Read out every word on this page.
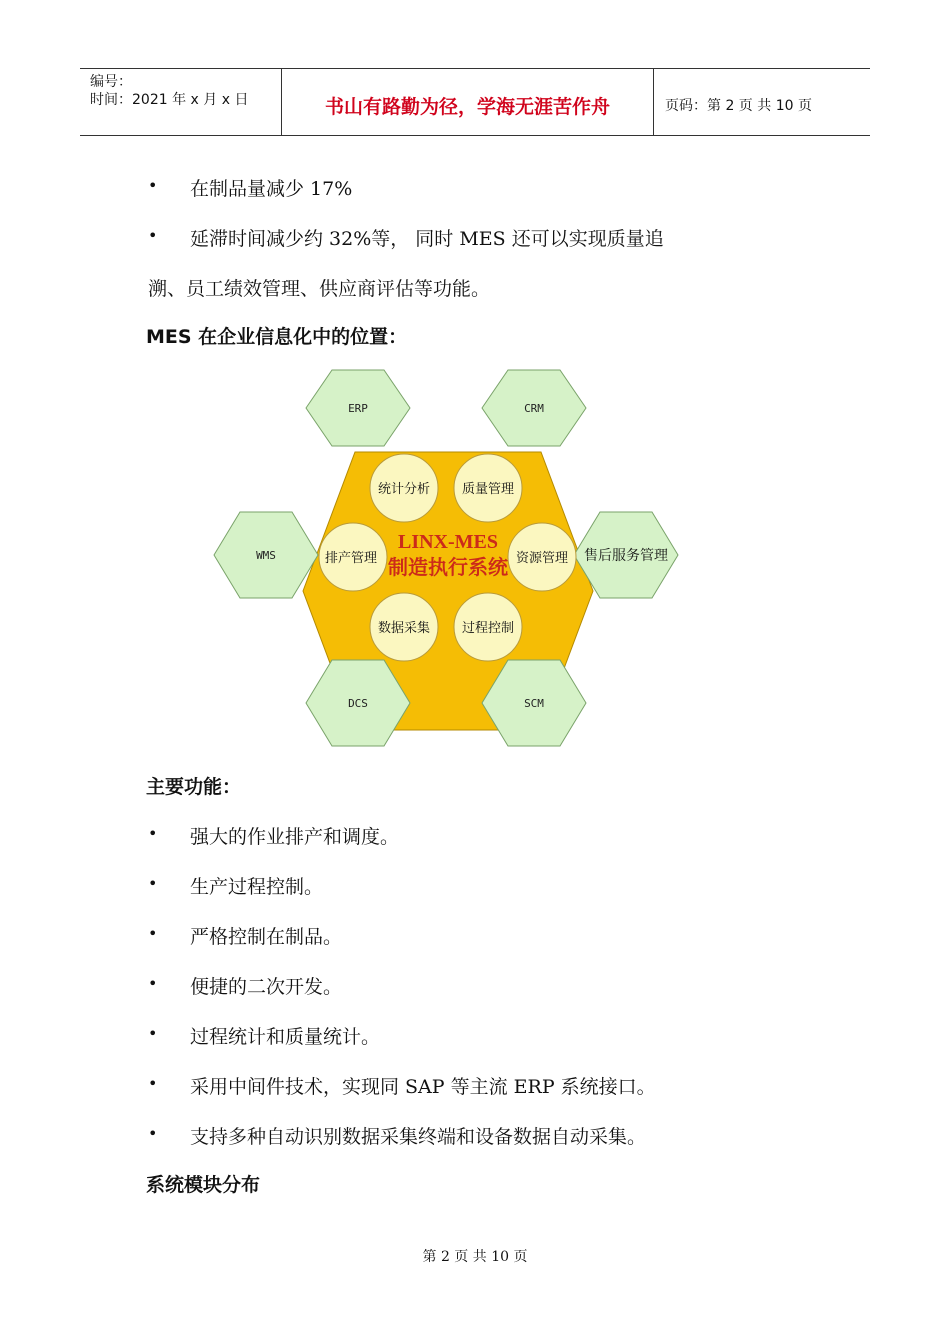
编号：
时间：2021 年 x 月 x 日	书山有路勤为径，学海无涯苦作舟	页码：第 2 页 共 10 页
• 在制品量减少 17%
• 延滞时间减少约 32%等， 同时 MES 还可以实现质量追
溯、员工绩效管理、供应商评估等功能。
MES 在企业信息化中的位置：
LINX-MES
制造执行系统
ERP	CRM
WMS	售后服务管理
DCS	SCM
统计分析 质量管理
排产管理	资源管理
数据采集 过程控制
主要功能：
• 强大的作业排产和调度。
• 生产过程控制。
• 严格控制在制品。
• 便捷的二次开发。
• 过程统计和质量统计。
• 采用中间件技术，实现同 SAP 等主流 ERP 系统接口。
• 支持多种自动识别数据采集终端和设备数据自动采集。
系统模块分布
第 2 页 共 10 页
